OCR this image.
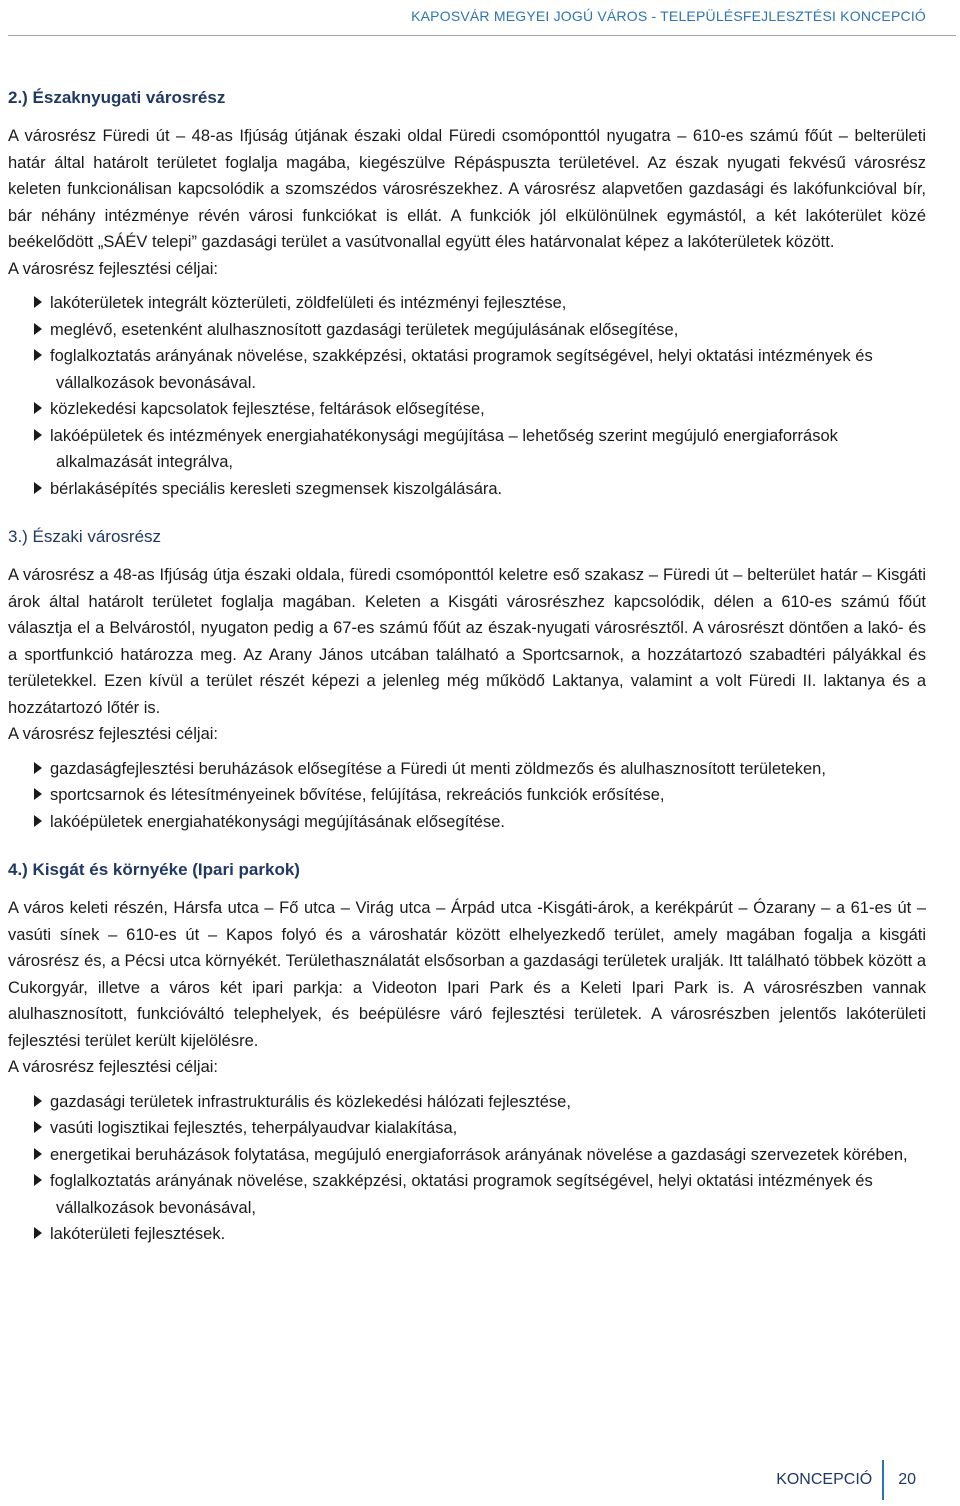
KAPOSVÁR MEGYEI JOGÚ VÁROS - TELEPÜLÉSFEJLESZTÉSI KONCEPCIÓ
2.) Északnyugati városrész

A városrész Füredi út – 48-as Ifjúság útjának északi oldal Füredi csomóponttól nyugatra – 610-es számú főút – belterületi határ által határolt területet foglalja magába, kiegészülve Répáspuszta területével. Az észak nyugati fekvésű városrész keleten funkcionálisan kapcsolódik a szomszédos városrészekhez. A városrész alapvetően gazdasági és lakófunkcióval bír, bár néhány intézménye révén városi funkciókat is ellát. A funkciók jól elkülönülnek egymástól, a két lakóterület közé beékelődött „SÁÉV telepi” gazdasági terület a vasútvonallal együtt éles határvonalat képez a lakóterületek között.

A városrész fejlesztési céljai:
lakóterületek integrált közterületi, zöldfelületi és intézményi fejlesztése,
meglévő, esetenként alulhasznosított gazdasági területek megújulásának elősegítése,
foglalkoztatás arányának növelése, szakképzési, oktatási programok segítségével, helyi oktatási intézmények és vállalkozások bevonásával.
közlekedési kapcsolatok fejlesztése, feltárások elősegítése,
lakóépületek és intézmények energiahatékonysági megújítása – lehetőség szerint megújuló energiaforrások alkalmazását integrálva,
bérlakásépítés speciális keresleti szegmensek kiszolgálására.
3.) Északi városrész

A városrész a 48-as Ifjúság útja északi oldala, füredi csomóponttól keletre eső szakasz – Füredi út – belterület határ – Kisgáti árok által határolt területet foglalja magában. Keleten a Kisgáti városrészhez kapcsolódik, délen a 610-es számú főút választja el a Belvárostól, nyugaton pedig a 67-es számú főút az észak-nyugati városrésztől. A városrészt döntően a lakó- és a sportfunkció határozza meg. Az Arany János utcában található a Sportcsarnok, a hozzátartozó szabadtéri pályákkal és területekkel. Ezen kívül a terület részét képezi a jelenleg még működő Laktanya, valamint a volt Füredi II. laktanya és a hozzátartozó lőtér is.

A városrész fejlesztési céljai:
gazdaságfejlesztési beruházások elősegítése a Füredi út menti zöldmezős és alulhasznosított területeken,
sportcsarnok és létesítményeinek bővítése, felújítása, rekreációs funkciók erősítése,
lakóépületek energiahatékonysági megújításának elősegítése.
4.) Kisgát és környéke (Ipari parkok)

A város keleti részén, Hársfa utca – Fő utca – Virág utca – Árpád utca -Kisgáti-árok, a kerékpárút – Ózarany – a 61-es út – vasúti sínek – 610-es út – Kapos folyó és a városhatár között elhelyezkedő terület, amely magában fogalja a kisgáti városrész és, a Pécsi utca környékét. Területhasználatát elsősorban a gazdasági területek uralják. Itt található többek között a Cukorgyár, illetve a város két ipari parkja: a Videoton Ipari Park és a Keleti Ipari Park is. A városrészben vannak alulhasznosított, funkcióváltó telephelyek, és beépülésre váró fejlesztési területek. A városrészben jelentős lakóterületi fejlesztési terület került kijelölésre.

A városrész fejlesztési céljai:
gazdasági területek infrastrukturális és közlekedési hálózati fejlesztése,
vasúti logisztikai fejlesztés, teherpályaudvar kialakítása,
energetikai beruházások folytatása, megújuló energiaforrások arányának növelése a gazdasági szervezetek körében,
foglalkoztatás arányának növelése, szakképzési, oktatási programok segítségével, helyi oktatási intézmények és vállalkozások bevonásával,
lakóterületi fejlesztések.
KONCEPCIÓ	20
